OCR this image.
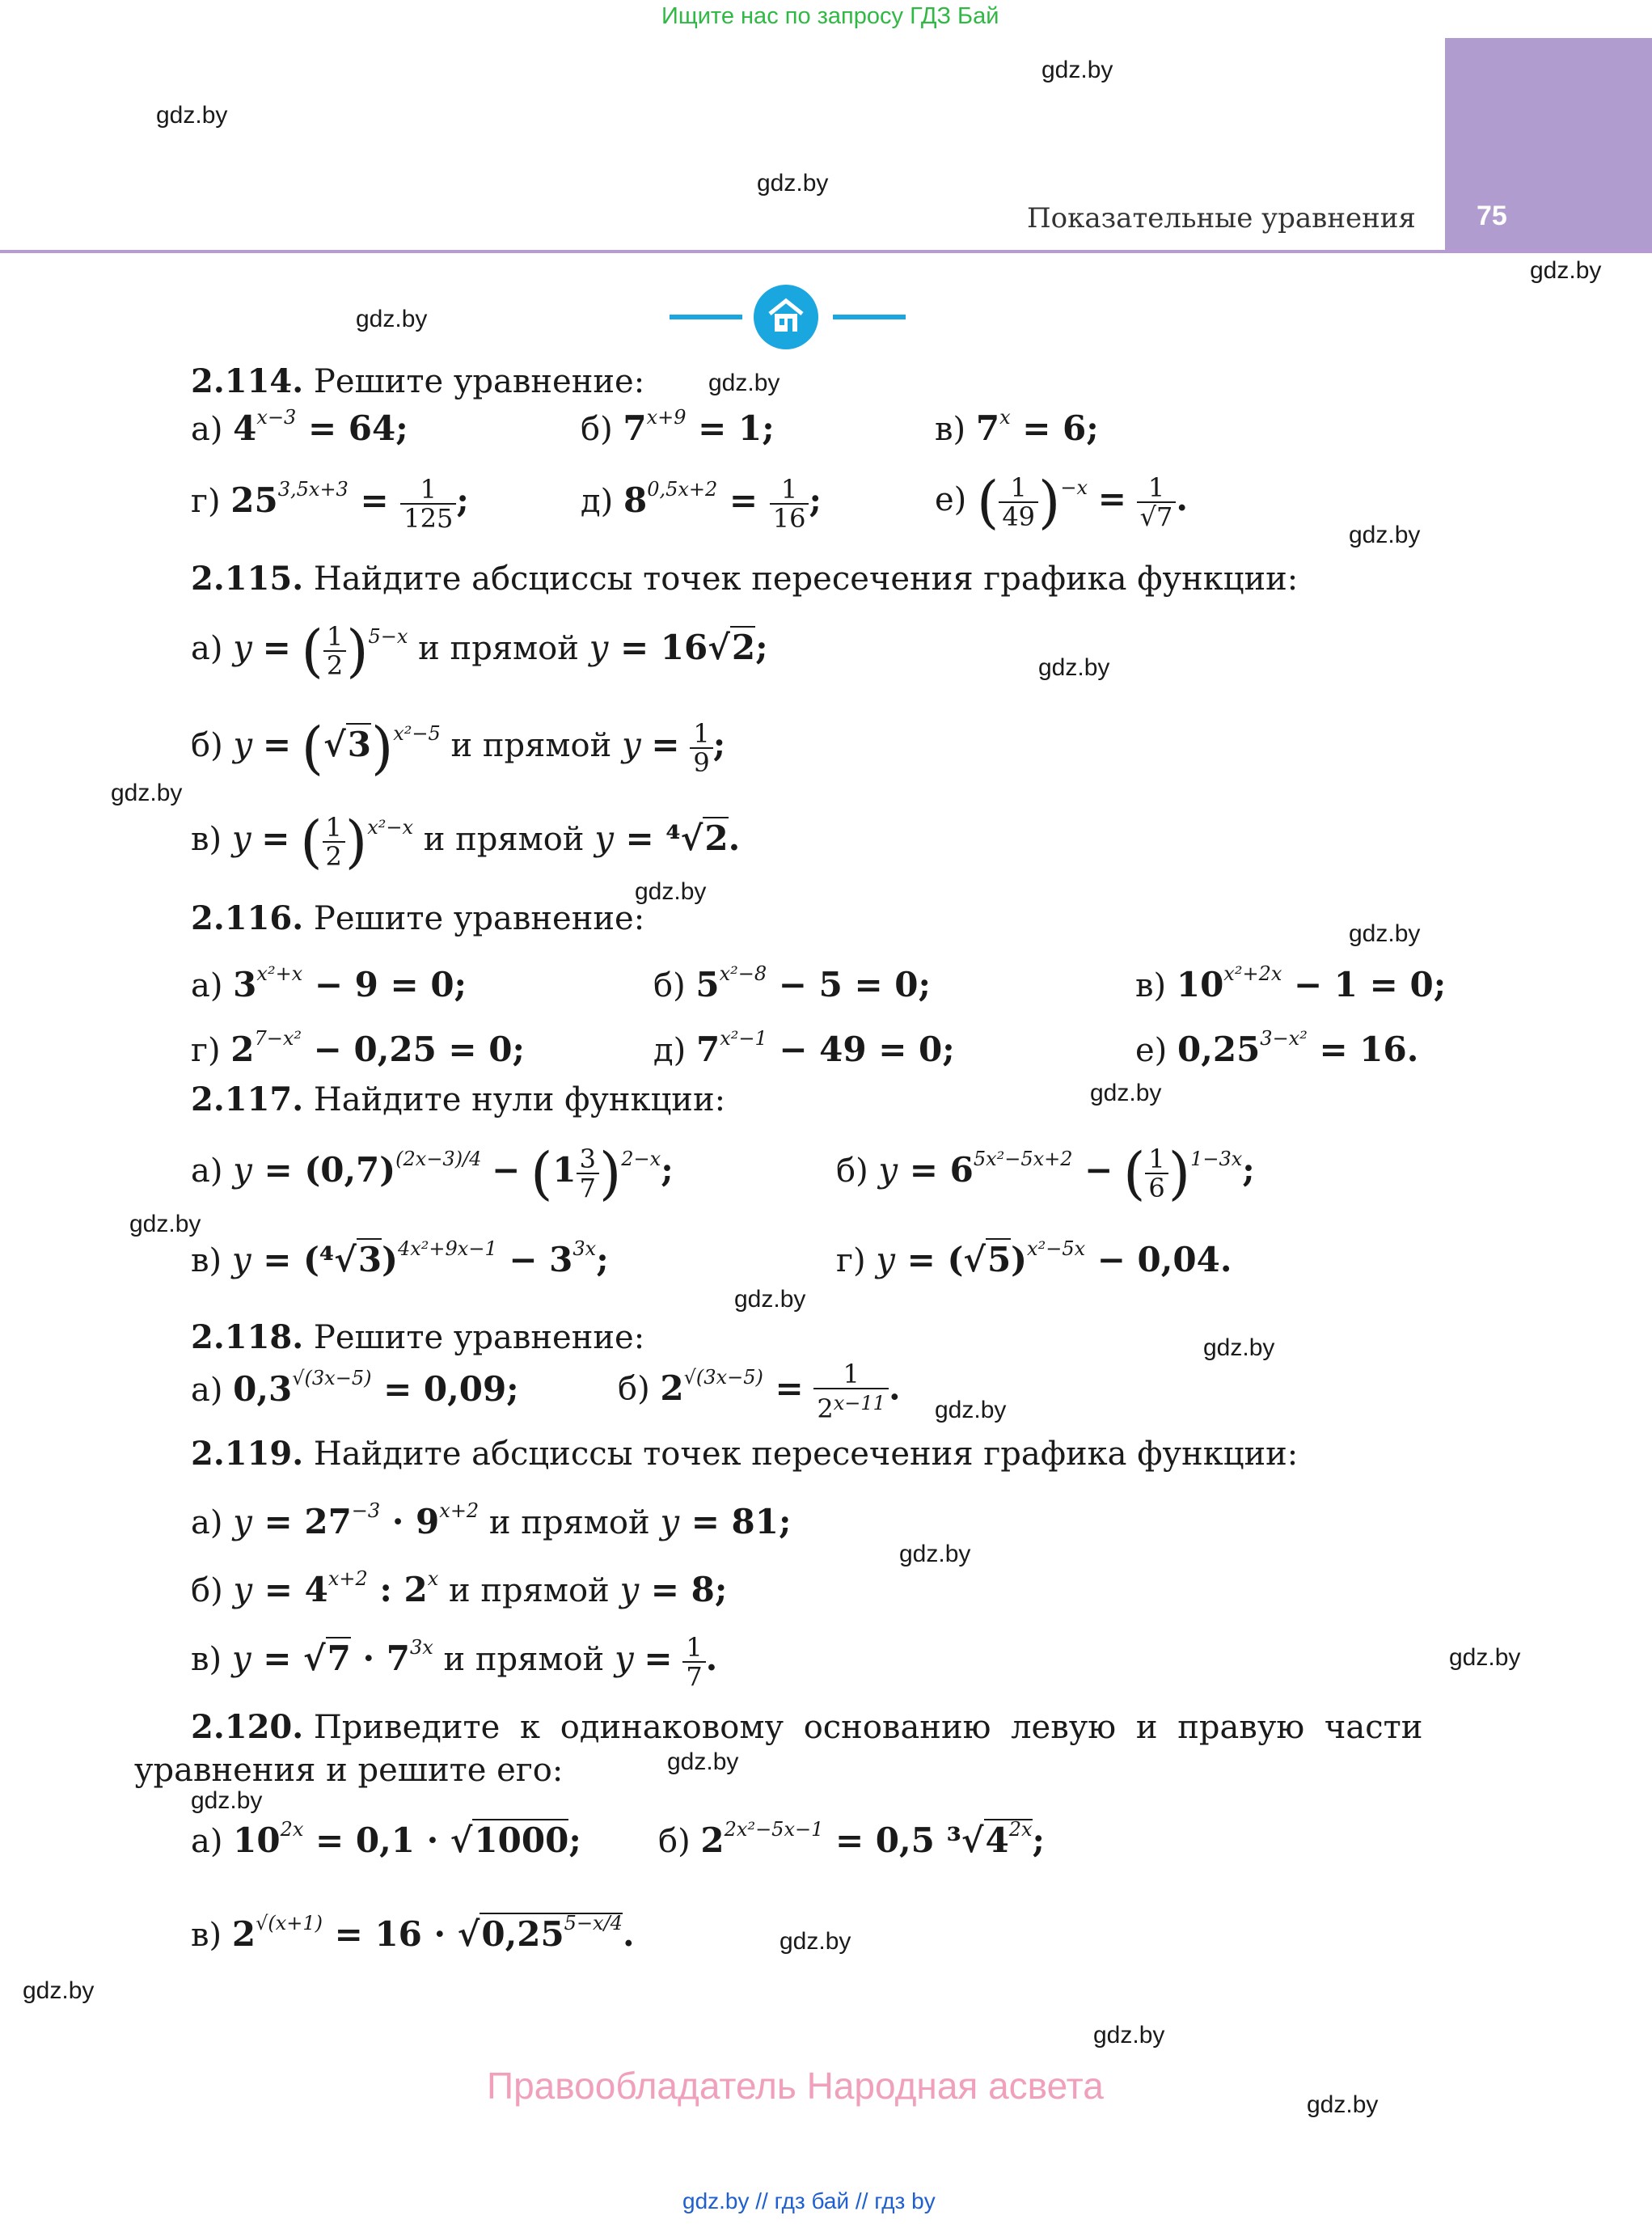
Ищите нас по запросу ГДЗ Бай
75
Показательные уравнения
gdz.by
gdz.by
gdz.by
gdz.by
gdz.by
gdz.by
gdz.by
gdz.by
gdz.by
gdz.by
gdz.by
gdz.by
gdz.by
gdz.by
gdz.by
gdz.by
gdz.by
gdz.by
gdz.by
gdz.by
gdz.by
gdz.by
gdz.by
gdz.by
2.114. Решите уравнение:
а) $4^{x-3} = 64$;	б) $7^{x+9} = 1$;	в) $7^x = 6$;
г) $25^{3,5x+3} = \frac{1}{125}$ ;	д) $8^{0,5x+2} = \frac{1}{16}$ ;	е) ( $\frac{1}{49} )^{-x} = \frac{1}{√7}$ .
2.115. Найдите абсциссы точек пересечения графика функции:
а) y = ( $\frac{1}{2} )^{5-x}$ и прямой y = 16√2;
б) $y = (√3)^{x^2-5}$ и прямой $y = \frac{1}{9}$ ;
в) y = ( $\frac{1}{2} )^{x^2-x}$ и прямой y = ⁴√2.
2.116. Решите уравнение:
а) $3^{x^2+x} - 9 = 0$;	б) $5^{x^2-8} - 5 = 0$;	в) $10^{x^2+2x} - 1 = 0$;
г) $2^{7-x^2} - 0,25 = 0$;	д) $7^{x^2-1} - 49 = 0$;	е) $0,25^{3-x^2} = 16$.
2.117. Найдите нули функции:
а) $y = (0,7)^{(2x-3)/4} - (1 \frac{3}{7} )^{2-x}$;	б) $y = 6^{5x^2-5x+2}$ − ( $\frac{1}{6} )^{1-3x}$;
в) $y = (^4√3)^{4x^2+9x-1} - 3^{3x}$;	г) $y = (√5)^{x^2-5x} - 0,04$.
2.118. Решите уравнение:
а) $0,3^{√(3x-5)} = 0,09$;	б) $2^{√(3x-5)} = \frac{1}{2^{x-11}}$ .
2.119. Найдите абсциссы точек пересечения графика функции:
а) $y = 27^{-3} \cdot 9^{x+2}$ и прямой y = 81;
б) $y = 4^{x+2}$ : 2$^x$ и прямой y = 8;
в) $y = √7 \cdot 7^{3x}$ и прямой $y = \frac{1}{7}$ .
2.120. Приведите к одинаковому основанию левую и правую части
уравнения и решите его:
а) $10^{2x} = 0,1 \cdot √1000$; б) $2^{2x^2-5x-1} = 0,5$ $^3√4^{2x}$;
в) $2^{√(x+1)} = 16 \cdot √0,25^{5-x/4}$.
Правообладатель Народная асвета
gdz.by // гдз бай // гдз by
